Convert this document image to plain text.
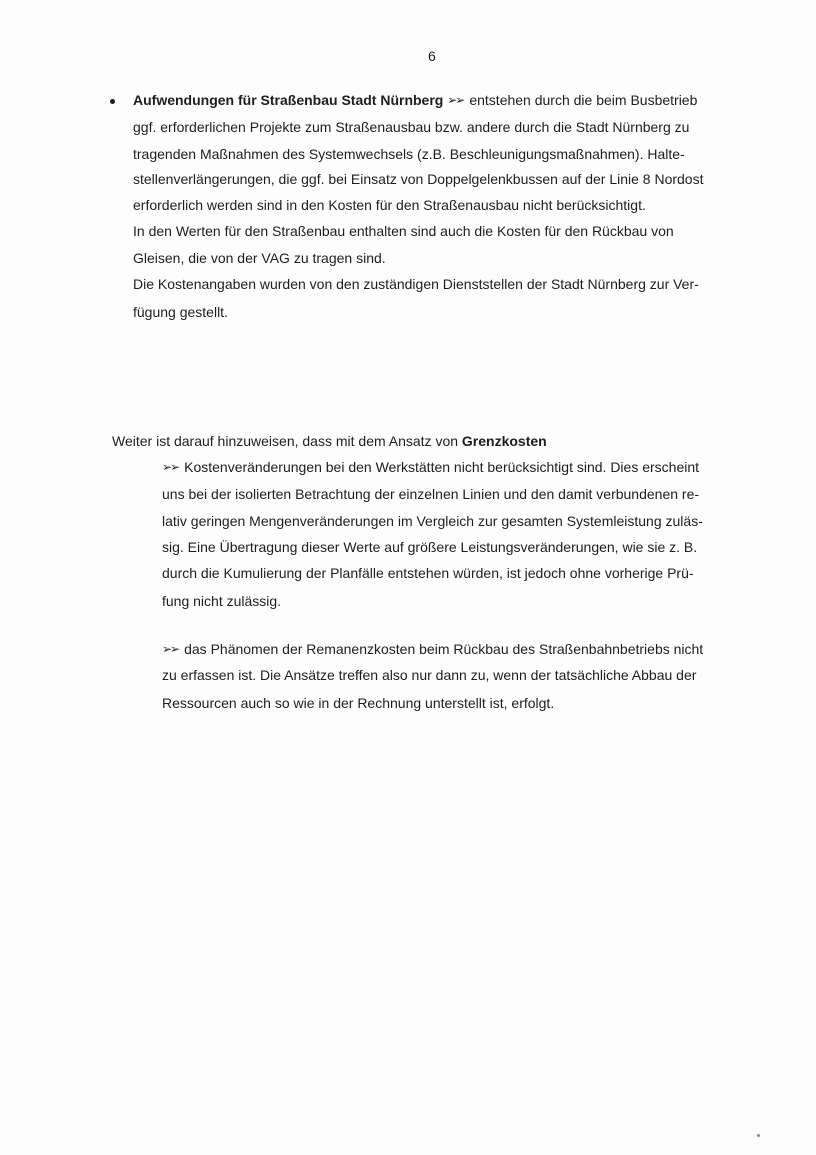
6
Aufwendungen für Straßenbau Stadt Nürnberg ➢➢ entstehen durch die beim Busbetrieb
ggf. erforderlichen Projekte zum Straßenausbau bzw. andere durch die Stadt Nürnberg zu
tragenden Maßnahmen des Systemwechsels (z.B. Beschleunigungsmaßnahmen). Halte-
stellenverlängerungen, die ggf. bei Einsatz von Doppelgelenkbussen auf der Linie 8 Nordost
erforderlich werden sind in den Kosten für den Straßenausbau nicht berücksichtigt.
In den Werten für den Straßenbau enthalten sind auch die Kosten für den Rückbau von
Gleisen, die von der VAG zu tragen sind.
Die Kostenangaben wurden von den zuständigen Dienststellen der Stadt Nürnberg zur Ver-
fügung gestellt.
Weiter ist darauf hinzuweisen, dass mit dem Ansatz von Grenzkosten
➢➢ Kostenveränderungen bei den Werkstätten nicht berücksichtigt sind. Dies erscheint
uns bei der isolierten Betrachtung der einzelnen Linien und den damit verbundenen re-
lativ geringen Mengenveränderungen im Vergleich zur gesamten Systemleistung zuläs-
sig. Eine Übertragung dieser Werte auf größere Leistungsveränderungen, wie sie z. B.
durch die Kumulierung der Planfälle entstehen würden, ist jedoch ohne vorherige Prü-
fung nicht zulässig.
➢➢ das Phänomen der Remanenzkosten beim Rückbau des Straßenbahnbetriebs nicht
zu erfassen ist. Die Ansätze treffen also nur dann zu, wenn der tatsächliche Abbau der
Ressourcen auch so wie in der Rechnung unterstellt ist, erfolgt.
